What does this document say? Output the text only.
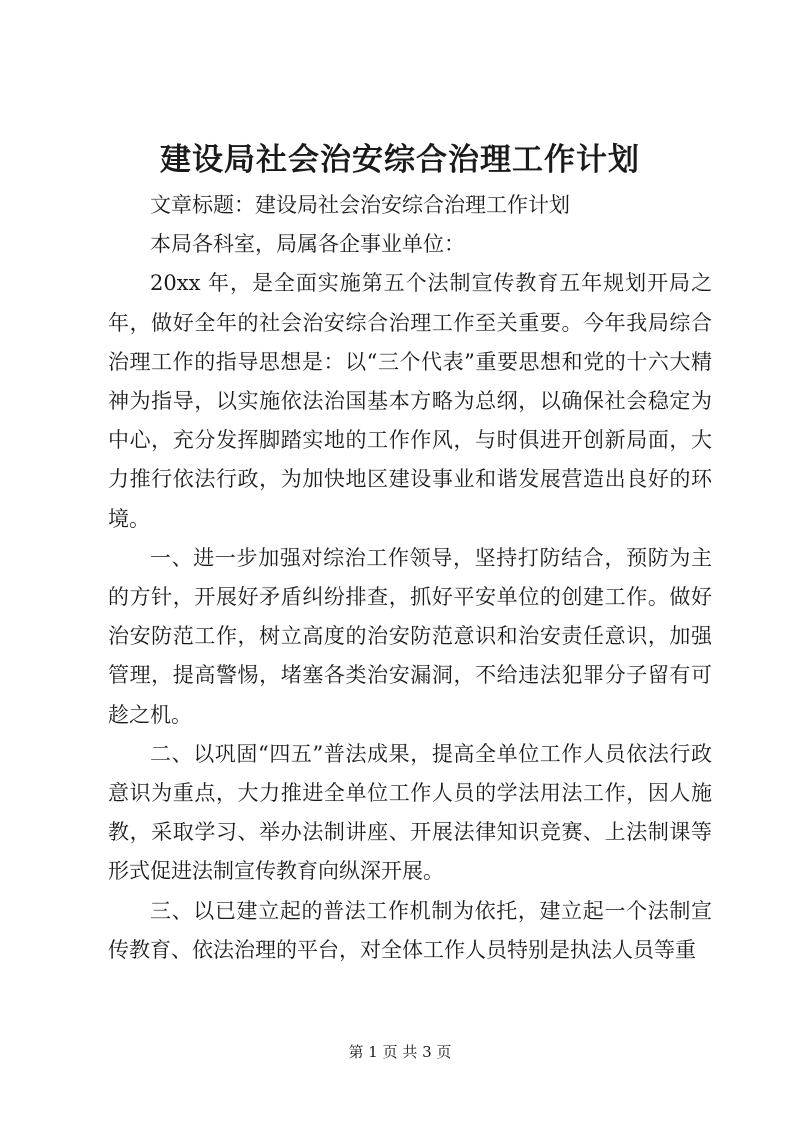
建设局社会治安综合治理工作计划

文章标题：建设局社会治安综合治理工作计划

本局各科室，局属各企事业单位：

20xx 年，是全面实施第五个法制宣传教育五年规划开局之年，做好全年的社会治安综合治理工作至关重要。今年我局综合治理工作的指导思想是：以“三个代表”重要思想和党的十六大精神为指导，以实施依法治国基本方略为总纲，以确保社会稳定为中心，充分发挥脚踏实地的工作作风，与时俱进开创新局面，大力推行依法行政，为加快地区建设事业和谐发展营造出良好的环境。

一、进一步加强对综治工作领导，坚持打防结合，预防为主的方针，开展好矛盾纠纷排查，抓好平安单位的创建工作。做好治安防范工作，树立高度的治安防范意识和治安责任意识，加强管理，提高警惕，堵塞各类治安漏洞，不给违法犯罪分子留有可趁之机。

二、以巩固“四五”普法成果，提高全单位工作人员依法行政意识为重点，大力推进全单位工作人员的学法用法工作，因人施教，采取学习、举办法制讲座、开展法律知识竞赛、上法制课等形式促进法制宣传教育向纵深开展。

三、以已建立起的普法工作机制为依托，建立起一个法制宣传教育、依法治理的平台，对全体工作人员特别是执法人员等重

第 1 页 共 3 页
